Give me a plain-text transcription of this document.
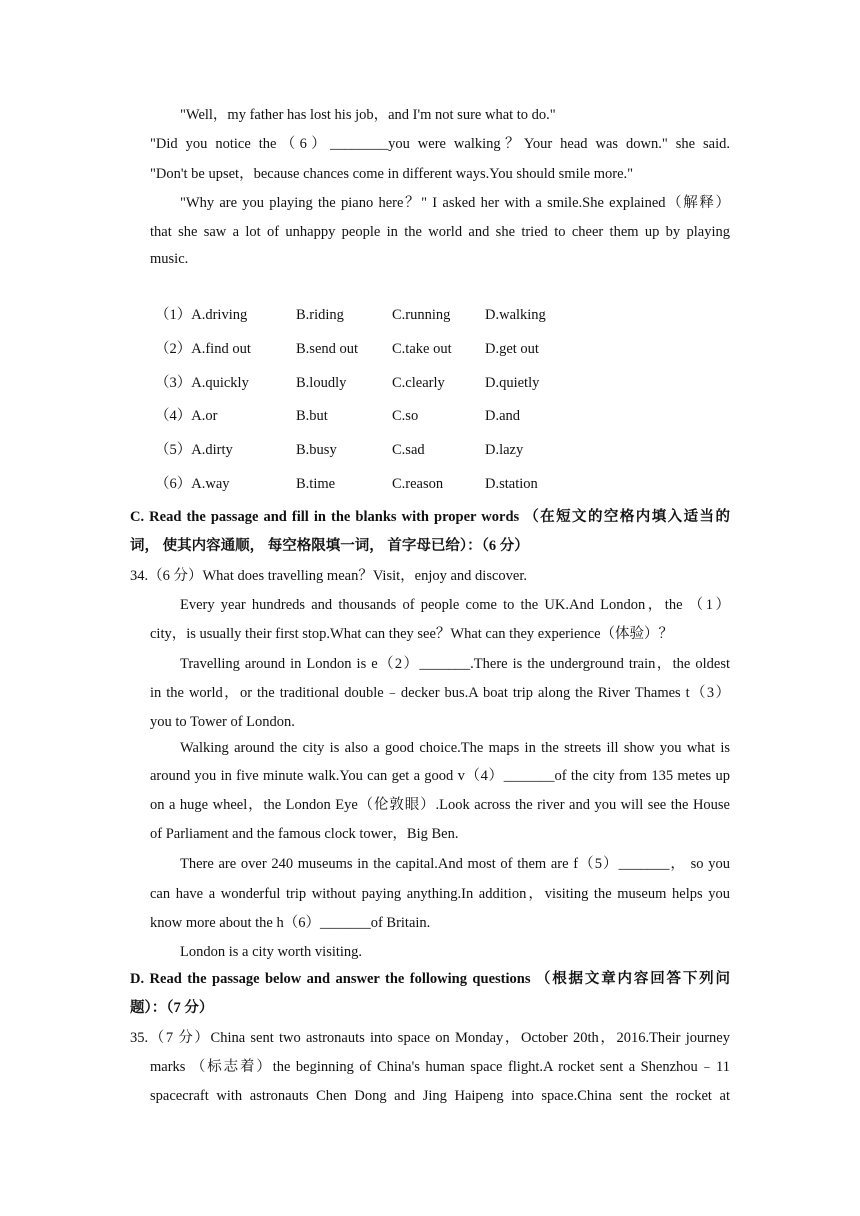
"Well，my father has lost his job，and I'm not sure what to do."
"Did you notice the（6）________you were walking？Your head was down." she said.
"Don't be upset，because chances come in different ways.You should smile more."
"Why are you playing the piano here？" I asked her with a smile.She explained（解释）
that she saw a lot of unhappy people in the world and she tried to cheer them up by playing
music.
（1）A.driving	B.riding	C.running D.walking
（2）A.find out	B.send out C.take out D.get out
（3）A.quickly	B.loudly	C.clearly	D.quietly
（4）A.or	B.but	C.so	D.and
（5）A.dirty	B.busy	C.sad	D.lazy
（6）A.way	B.time	C.reason	D.station
C. Read the passage and fill in the blanks with proper words （在短文的空格内填入适当的
词， 使其内容通顺， 每空格限填一词， 首字母已给）：（6 分）
34.（6 分）What does travelling mean？Visit，enjoy and discover.
Every year hundreds and thousands of people come to the UK.And London，the （1）
city，is usually their first stop.What can they see？What can they experience（体验）？
Travelling around in London is e（2）_______.There is the underground train，the oldest
in the world，or the traditional double﹣decker bus.A boat trip along the River Thames t（3）
you to Tower of London.
Walking around the city is also a good choice.The maps in the streets ill show you what is
around you in five minute walk.You can get a good v（4）_______of the city from 135 metes up
on a huge wheel，the London Eye（伦敦眼）.Look across the river and you will see the House
of Parliament and the famous clock tower，Big Ben.
There are over 240 museums in the capital.And most of them are f（5）_______， so you
can have a wonderful trip without paying anything.In addition，visiting the museum helps you
know more about the h（6）_______of Britain.
London is a city worth visiting.
D. Read the passage below and answer the following questions （根据文章内容回答下列问
题）：（7 分）
35.（7 分）China sent two astronauts into space on Monday，October 20th，2016.Their journey
marks （标志着）the beginning of China's human space flight.A rocket sent a Shenzhou﹣11
spacecraft with astronauts Chen Dong and Jing Haipeng into space.China sent the rocket at
